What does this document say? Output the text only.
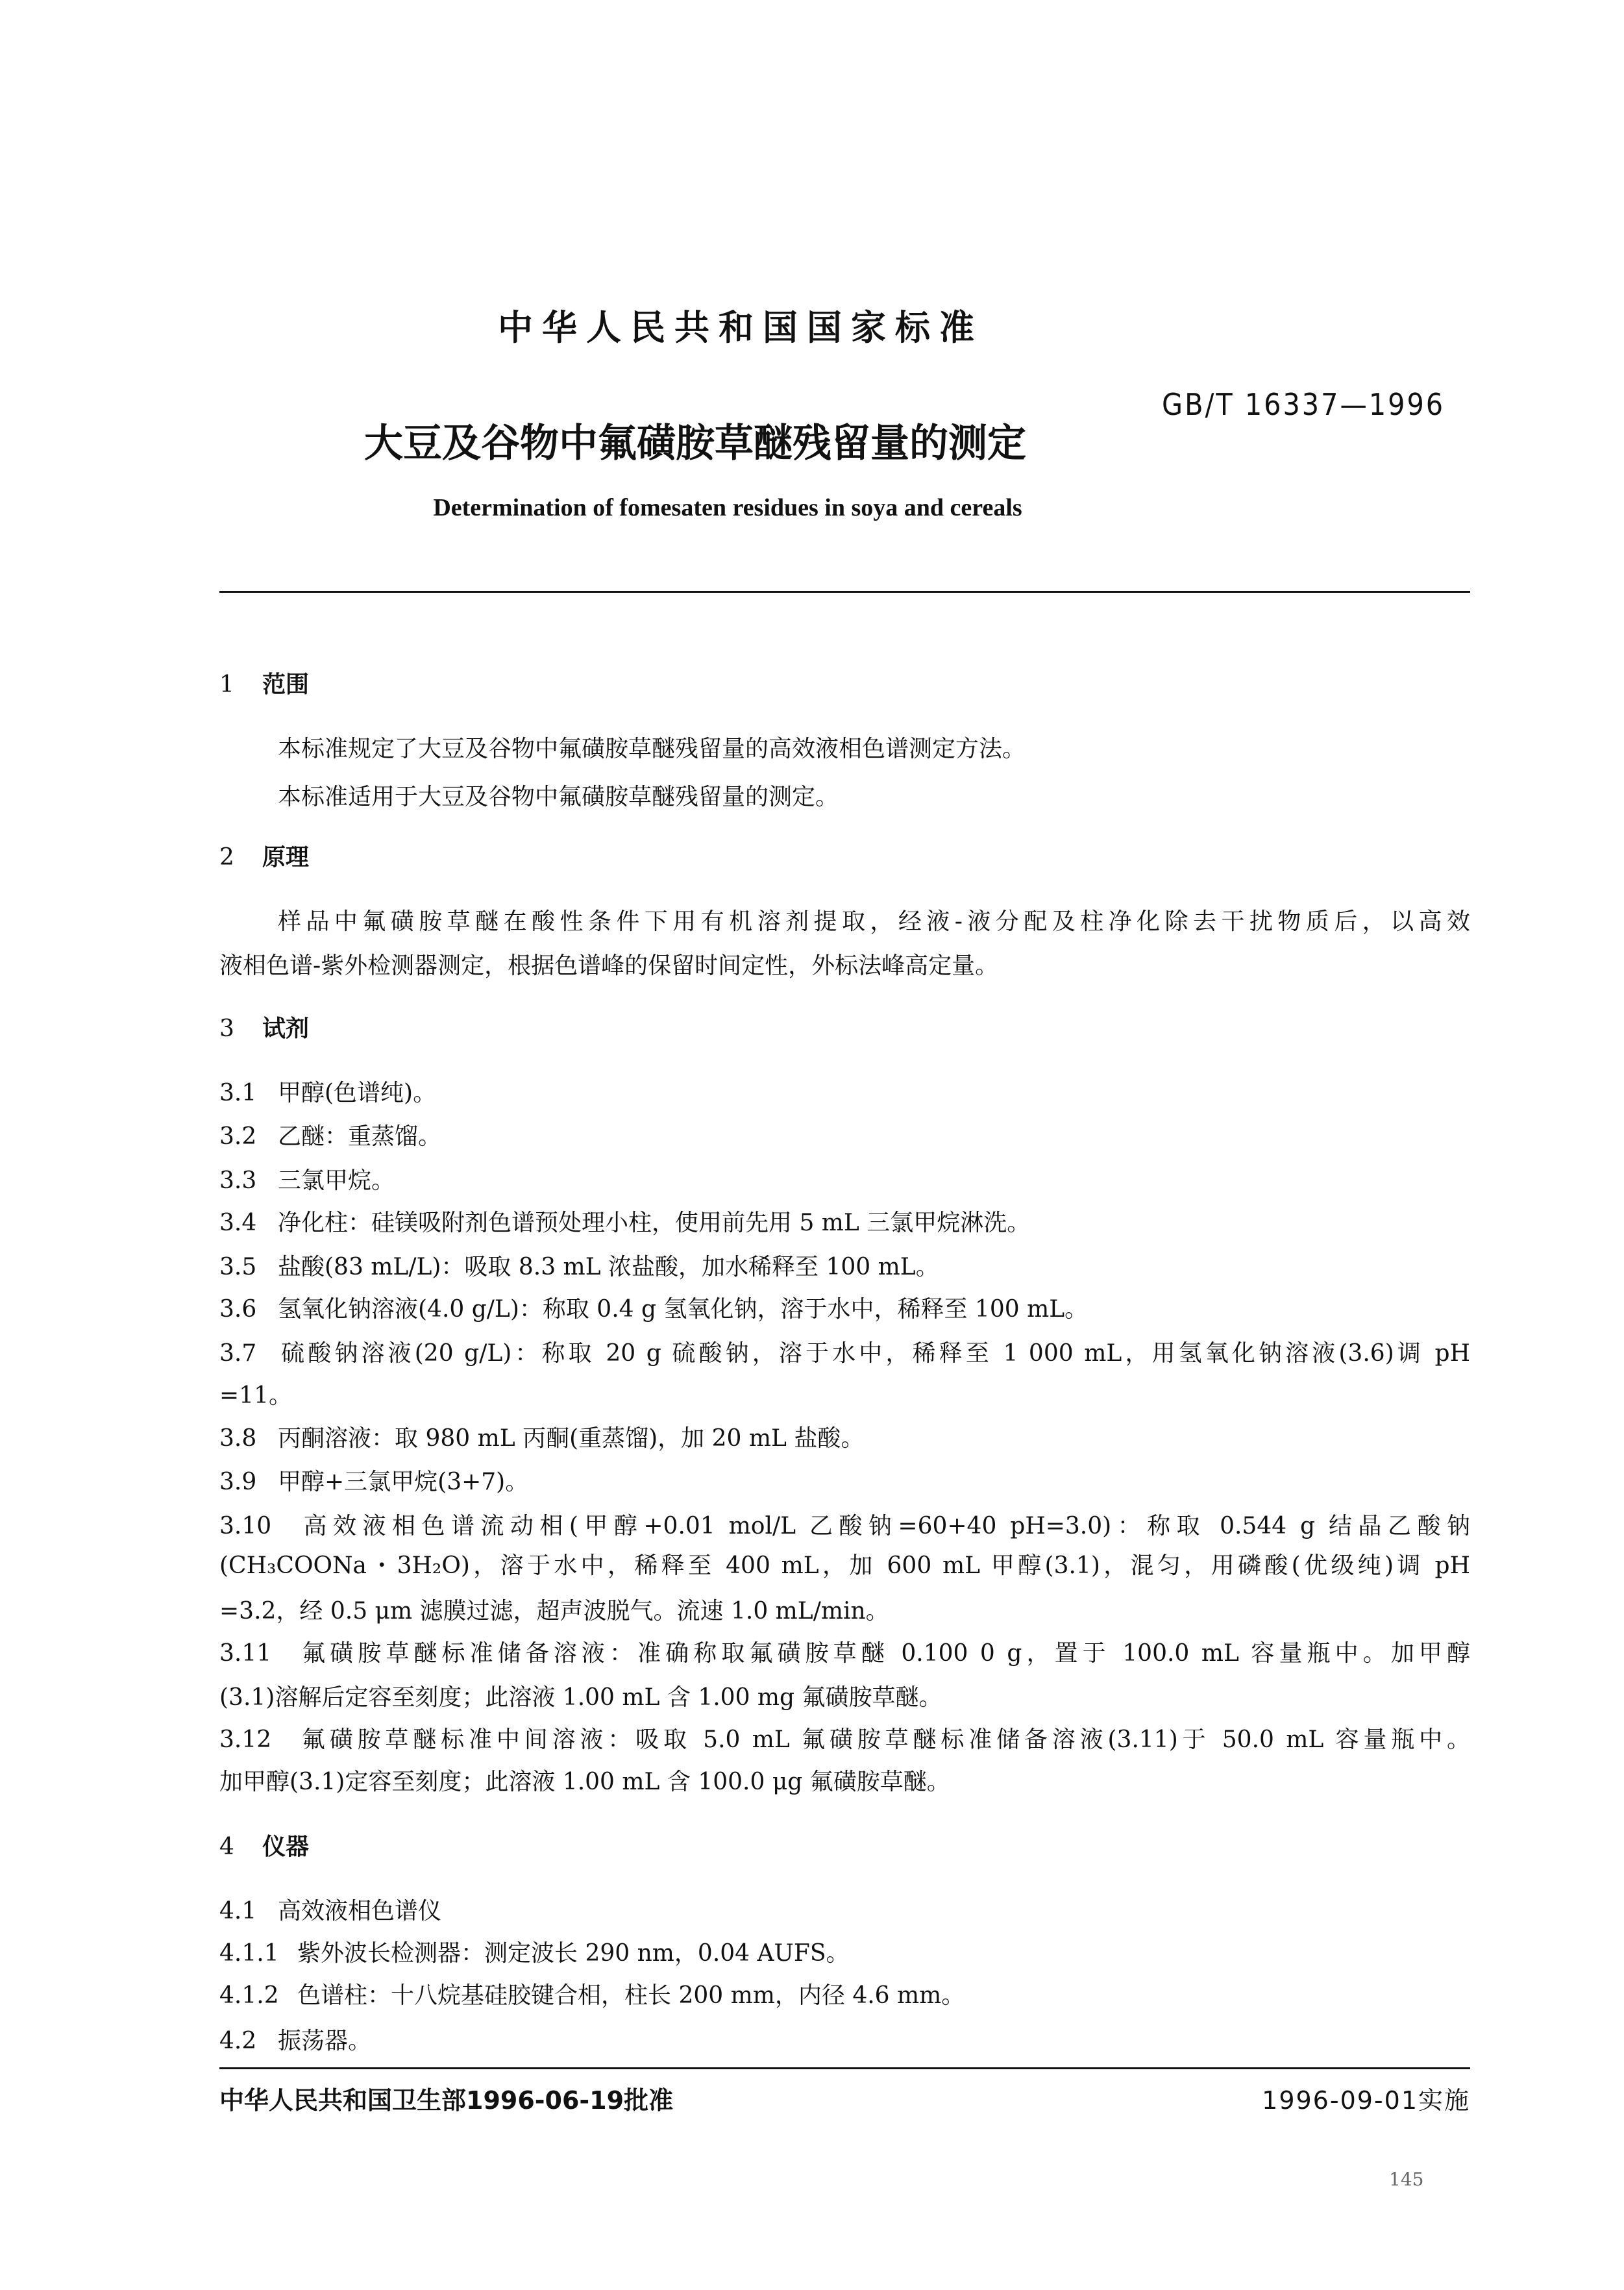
中华人民共和国国家标准
大豆及谷物中氟磺胺草醚残留量的测定
GB/T 16337—1996
Determination of fomesaten residues in soya and cereals
1 范围
本标准规定了大豆及谷物中氟磺胺草醚残留量的高效液相色谱测定方法。
本标准适用于大豆及谷物中氟磺胺草醚残留量的测定。
2 原理
样品中氟磺胺草醚在酸性条件下用有机溶剂提取，经液-液分配及柱净化除去干扰物质后，以高效
液相色谱-紫外检测器测定，根据色谱峰的保留时间定性，外标法峰高定量。
3 试剂
3.1 甲醇(色谱纯)。
3.2 乙醚：重蒸馏。
3.3 三氯甲烷。
3.4 净化柱：硅镁吸附剂色谱预处理小柱，使用前先用 5 mL 三氯甲烷淋洗。
3.5 盐酸(83 mL/L)：吸取 8.3 mL 浓盐酸，加水稀释至 100 mL。
3.6 氢氧化钠溶液(4.0 g/L)：称取 0.4 g 氢氧化钠，溶于水中，稀释至 100 mL。
3.7 硫酸钠溶液(20 g/L)：称取 20 g 硫酸钠，溶于水中，稀释至 1 000 mL，用氢氧化钠溶液(3.6)调 pH
=11。
3.8 丙酮溶液：取 980 mL 丙酮(重蒸馏)，加 20 mL 盐酸。
3.9 甲醇+三氯甲烷(3+7)。
3.10 高效液相色谱流动相(甲醇+0.01 mol/L 乙酸钠=60+40 pH=3.0)：称取 0.544 g 结晶乙酸钠
(CH₃COONa・3H₂O)，溶于水中，稀释至 400 mL，加 600 mL 甲醇(3.1)，混匀，用磷酸(优级纯)调 pH
=3.2，经 0.5 μm 滤膜过滤，超声波脱气。流速 1.0 mL/min。
3.11 氟磺胺草醚标准储备溶液：准确称取氟磺胺草醚 0.100 0 g，置于 100.0 mL 容量瓶中。加甲醇
(3.1)溶解后定容至刻度；此溶液 1.00 mL 含 1.00 mg 氟磺胺草醚。
3.12 氟磺胺草醚标准中间溶液：吸取 5.0 mL 氟磺胺草醚标准储备溶液(3.11)于 50.0 mL 容量瓶中。
加甲醇(3.1)定容至刻度；此溶液 1.00 mL 含 100.0 μg 氟磺胺草醚。
4 仪器
4.1 高效液相色谱仪
4.1.1 紫外波长检测器：测定波长 290 nm，0.04 AUFS。
4.1.2 色谱柱：十八烷基硅胶键合相，柱长 200 mm，内径 4.6 mm。
4.2 振荡器。
中华人民共和国卫生部1996-06-19批准	1996-09-01实施
145
